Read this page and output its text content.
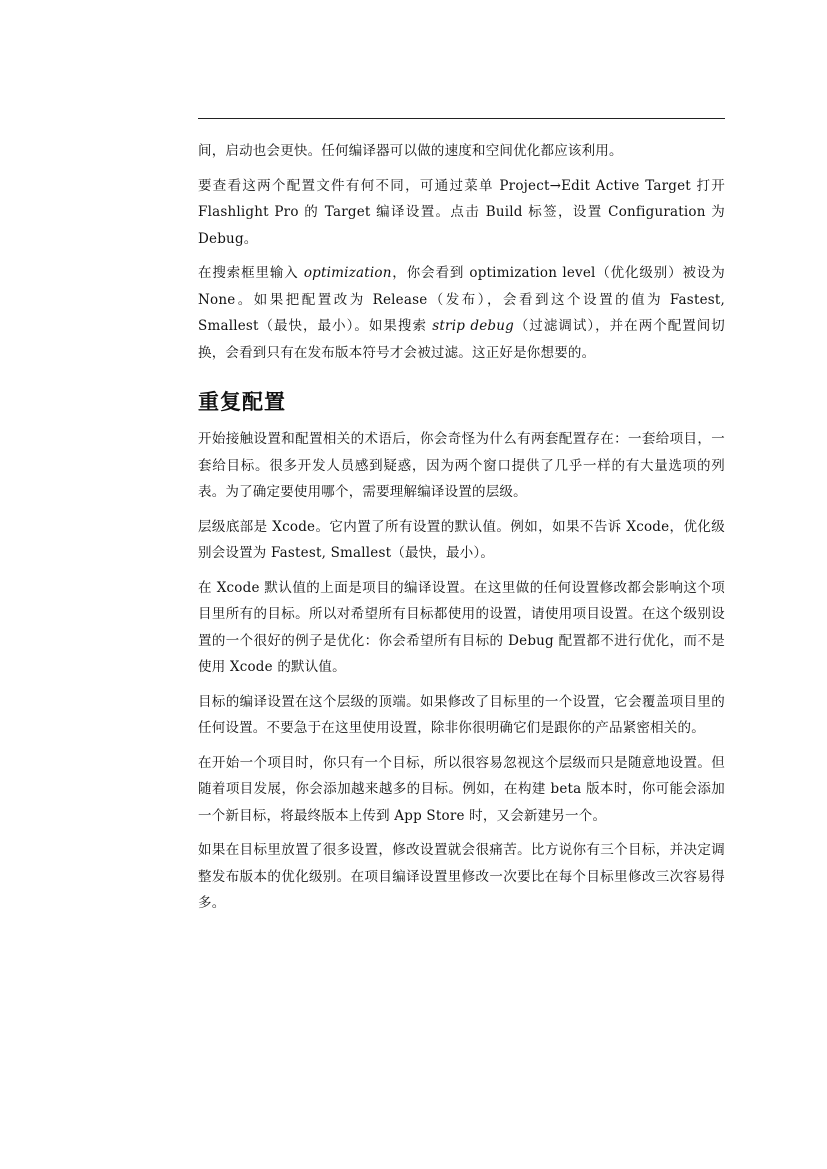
间，启动也会更快。任何编译器可以做的速度和空间优化都应该利用。

要查看这两个配置文件有何不同，可通过菜单 Project→Edit Active Target 打开 Flashlight Pro 的 Target 编译设置。点击 Build 标签，设置 Configuration 为 Debug。

在搜索框里输入 optimization，你会看到 optimization level（优化级别）被设为 None。如果把配置改为 Release（发布），会看到这个设置的值为 Fastest, Smallest（最快，最小）。如果搜索 strip debug（过滤调试），并在两个配置间切换，会看到只有在发布版本符号才会被过滤。这正好是你想要的。

重复配置

开始接触设置和配置相关的术语后，你会奇怪为什么有两套配置存在：一套给项目，一套给目标。很多开发人员感到疑惑，因为两个窗口提供了几乎一样的有大量选项的列表。为了确定要使用哪个，需要理解编译设置的层级。

层级底部是 Xcode。它内置了所有设置的默认值。例如，如果不告诉 Xcode，优化级别会设置为 Fastest, Smallest（最快，最小）。

在 Xcode 默认值的上面是项目的编译设置。在这里做的任何设置修改都会影响这个项目里所有的目标。所以对希望所有目标都使用的设置，请使用项目设置。在这个级别设置的一个很好的例子是优化：你会希望所有目标的 Debug 配置都不进行优化，而不是使用 Xcode 的默认值。

目标的编译设置在这个层级的顶端。如果修改了目标里的一个设置，它会覆盖项目里的任何设置。不要急于在这里使用设置，除非你很明确它们是跟你的产品紧密相关的。

在开始一个项目时，你只有一个目标，所以很容易忽视这个层级而只是随意地设置。但随着项目发展，你会添加越来越多的目标。例如，在构建 beta 版本时，你可能会添加一个新目标，将最终版本上传到 App Store 时，又会新建另一个。

如果在目标里放置了很多设置，修改设置就会很痛苦。比方说你有三个目标，并决定调整发布版本的优化级别。在项目编译设置里修改一次要比在每个目标里修改三次容易得多。
